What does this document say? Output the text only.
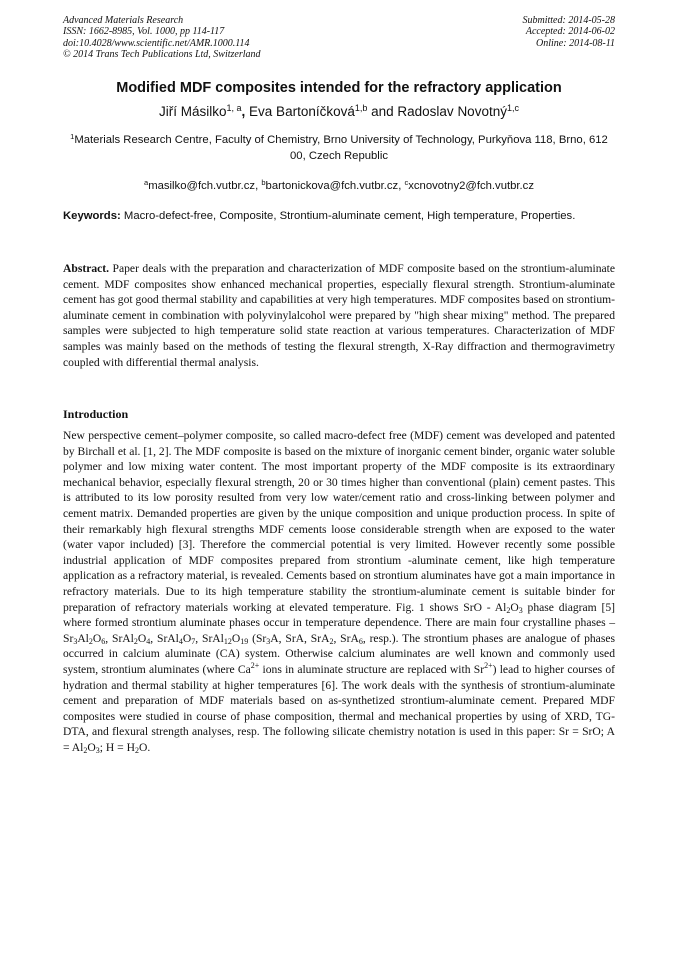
Advanced Materials Research
ISSN: 1662-8985, Vol. 1000, pp 114-117
doi:10.4028/www.scientific.net/AMR.1000.114
© 2014 Trans Tech Publications Ltd, Switzerland
Submitted: 2014-05-28
Accepted: 2014-06-02
Online: 2014-08-11
Modified MDF composites intended for the refractory application
Jiří Másilko$^{1, a}$, Eva Bartoníčková$^{1,b}$ and Radoslav Novotný$^{1,c}$
$^1$Materials Research Centre, Faculty of Chemistry, Brno University of Technology, Purkyňova 118, Brno, 612 00, Czech Republic
$^a$masilko@fch.vutbr.cz, $^b$bartonickova@fch.vutbr.cz, $^c$xcnovotny2@fch.vutbr.cz
Keywords: Macro-defect-free, Composite, Strontium-aluminate cement, High temperature, Properties.
Abstract. Paper deals with the preparation and characterization of MDF composite based on the strontium-aluminate cement. MDF composites show enhanced mechanical properties, especially flexural strength. Strontium-aluminate cement has got good thermal stability and capabilities at very high temperatures. MDF composites based on strontium-aluminate cement in combination with polyvinylalcohol were prepared by "high shear mixing" method. The prepared samples were subjected to high temperature solid state reaction at various temperatures. Characterization of MDF samples was mainly based on the methods of testing the flexural strength, X-Ray diffraction and thermogravimetry coupled with differential thermal analysis.
Introduction
New perspective cement–polymer composite, so called macro-defect free (MDF) cement was developed and patented by Birchall et al. [1, 2]. The MDF composite is based on the mixture of inorganic cement binder, organic water soluble polymer and low mixing water content. The most important property of the MDF composite is its extraordinary mechanical behavior, especially flexural strength, 20 or 30 times higher than conventional (plain) cement pastes. This is attributed to its low porosity resulted from very low water/cement ratio and cross-linking between polymer and cement matrix. Demanded properties are given by the unique composition and unique production process. In spite of their remarkably high flexural strengths MDF cements loose considerable strength when are exposed to the water (water vapor included) [3]. Therefore the commercial potential is very limited. However recently some possible industrial application of MDF composites prepared from strontium -aluminate cement, like high temperature application as a refractory material, is revealed. Cements based on strontium aluminates have got a main importance in refractory materials. Due to its high temperature stability the strontium-aluminate cement is suitable binder for preparation of refractory materials working at elevated temperature. Fig. 1 shows SrO - $Al_2O_3$ phase diagram [5] where formed strontium aluminate phases occur in temperature dependence. There are main four crystalline phases – $Sr_3Al_2O_6$, $SrAl_2O_4$, $SrAl_4O_7$, $SrAl_{12}O_{19}$ ($Sr_3A$, SrA, SrA$_2$, SrA$_6$, resp.). The strontium phases are analogue of phases occurred in calcium aluminate (CA) system. Otherwise calcium aluminates are well known and commonly used system, strontium aluminates (where $Ca^{2+}$ ions in aluminate structure are replaced with $Sr^{2+}$) lead to higher courses of hydration and thermal stability at higher temperatures [6]. The work deals with the synthesis of strontium-aluminate cement and preparation of MDF materials based on as-synthetized strontium-aluminate cement. Prepared MDF composites were studied in course of phase composition, thermal and mechanical properties by using of XRD, TG-DTA, and flexural strength analyses, resp. The following silicate chemistry notation is used in this paper: Sr = SrO; $A = Al_2O_3$; $H = H_2O$.
